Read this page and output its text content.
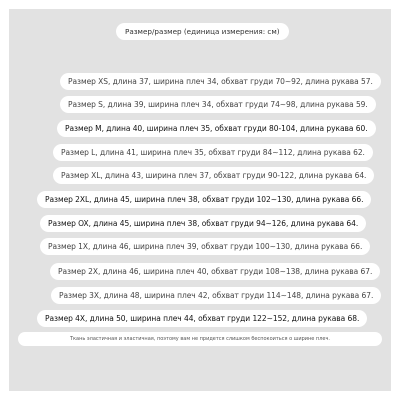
Размер/размер (единица измерения: см)
Размер XS, длина 37, ширина плеч 34, обхват груди 70~92, длина рукава 57.
Размер S, длина 39, ширина плеч 34, обхват груди 74~98, длина рукава 59.
Размер M, длина 40, ширина плеч 35, обхват груди 80-104, длина рукава 60.
Размер L, длина 41, ширина плеч 35, обхват груди 84~112, длина рукава 62.
Размер XL, длина 43, ширина плеч 37, обхват груди 90-122, длина рукава 64.
Размер 2XL, длина 45, ширина плеч 38, обхват груди 102~130, длина рукава 66.
Размер OX, длина 45, ширина плеч 38, обхват груди 94~126, длина рукава 64.
Размер 1X, длина 46, ширина плеч 39, обхват груди 100~130, длина рукава 66.
Размер 2X, длина 46, ширина плеч 40, обхват груди 108~138, длина рукава 67.
Размер 3X, длина 48, ширина плеч 42, обхват груди 114~148, длина рукава 67.
Размер 4X, длина 50, ширина плеч 44, обхват груди 122~152, длина рукава 68.
Ткань эластичная и эластичная, поэтому вам не придется слишком беспокоиться о ширине плеч.
